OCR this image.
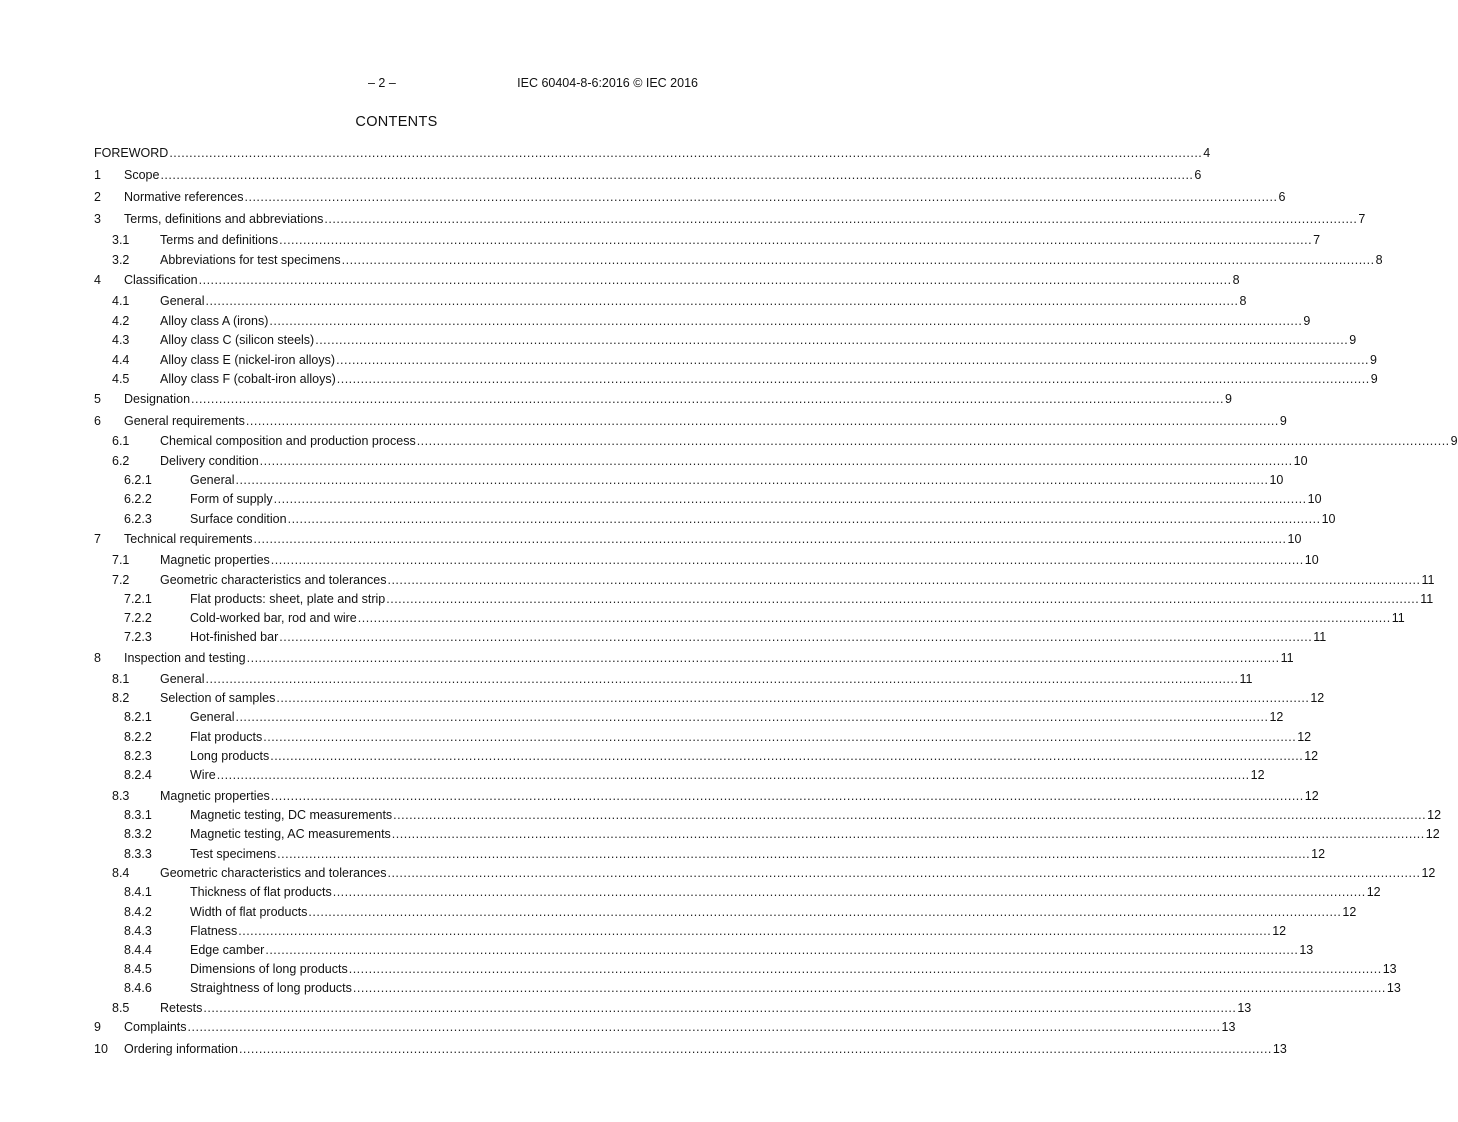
– 2 –	IEC 60404-8-6:2016 © IEC 2016
CONTENTS
FOREWORD .................................................................................................................................................................................................................................................................... 4
1 Scope .................................................................................................................................................................................................................................................................... 6
2 Normative references .................................................................................................................................................................................................................................................................... 6
3 Terms, definitions and abbreviations .................................................................................................................................................................................................................................................................... 7
3.1 Terms and definitions .................................................................................................................................................................................................................................................................... 7
3.2 Abbreviations for test specimens .................................................................................................................................................................................................................................................................... 8
4 Classification .................................................................................................................................................................................................................................................................... 8
4.1 General .................................................................................................................................................................................................................................................................... 8
4.2 Alloy class A (irons) .................................................................................................................................................................................................................................................................... 9
4.3 Alloy class C (silicon steels) .................................................................................................................................................................................................................................................................... 9
4.4 Alloy class E (nickel-iron alloys) .................................................................................................................................................................................................................................................................... 9
4.5 Alloy class F (cobalt-iron alloys) .................................................................................................................................................................................................................................................................... 9
5 Designation .................................................................................................................................................................................................................................................................... 9
6 General requirements .................................................................................................................................................................................................................................................................... 9
6.1 Chemical composition and production process .................................................................................................................................................................................................................................................................... 9
6.2 Delivery condition .................................................................................................................................................................................................................................................................... 10
6.2.1	General .................................................................................................................................................................................................................................................................... 10
6.2.2	Form of supply .................................................................................................................................................................................................................................................................... 10
6.2.3	Surface condition .................................................................................................................................................................................................................................................................... 10
7 Technical requirements .................................................................................................................................................................................................................................................................... 10
7.1 Magnetic properties .................................................................................................................................................................................................................................................................... 10
7.2 Geometric characteristics and tolerances .................................................................................................................................................................................................................................................................... 11
7.2.1	Flat products: sheet, plate and strip .................................................................................................................................................................................................................................................................... 11
7.2.2	Cold-worked bar, rod and wire .................................................................................................................................................................................................................................................................... 11
7.2.3	Hot-finished bar .................................................................................................................................................................................................................................................................... 11
8 Inspection and testing .................................................................................................................................................................................................................................................................... 11
8.1 General .................................................................................................................................................................................................................................................................... 11
8.2 Selection of samples .................................................................................................................................................................................................................................................................... 12
8.2.1	General .................................................................................................................................................................................................................................................................... 12
8.2.2	Flat products .................................................................................................................................................................................................................................................................... 12
8.2.3	Long products .................................................................................................................................................................................................................................................................... 12
8.2.4	Wire .................................................................................................................................................................................................................................................................... 12
8.3 Magnetic properties .................................................................................................................................................................................................................................................................... 12
8.3.1	Magnetic testing, DC measurements .................................................................................................................................................................................................................................................................... 12
8.3.2	Magnetic testing, AC measurements .................................................................................................................................................................................................................................................................... 12
8.3.3	Test specimens .................................................................................................................................................................................................................................................................... 12
8.4 Geometric characteristics and tolerances .................................................................................................................................................................................................................................................................... 12
8.4.1	Thickness of flat products .................................................................................................................................................................................................................................................................... 12
8.4.2	Width of flat products .................................................................................................................................................................................................................................................................... 12
8.4.3	Flatness .................................................................................................................................................................................................................................................................... 12
8.4.4	Edge camber .................................................................................................................................................................................................................................................................... 13
8.4.5	Dimensions of long products .................................................................................................................................................................................................................................................................... 13
8.4.6	Straightness of long products .................................................................................................................................................................................................................................................................... 13
8.5 Retests .................................................................................................................................................................................................................................................................... 13
9 Complaints .................................................................................................................................................................................................................................................................... 13
10 Ordering information .................................................................................................................................................................................................................................................................... 13
